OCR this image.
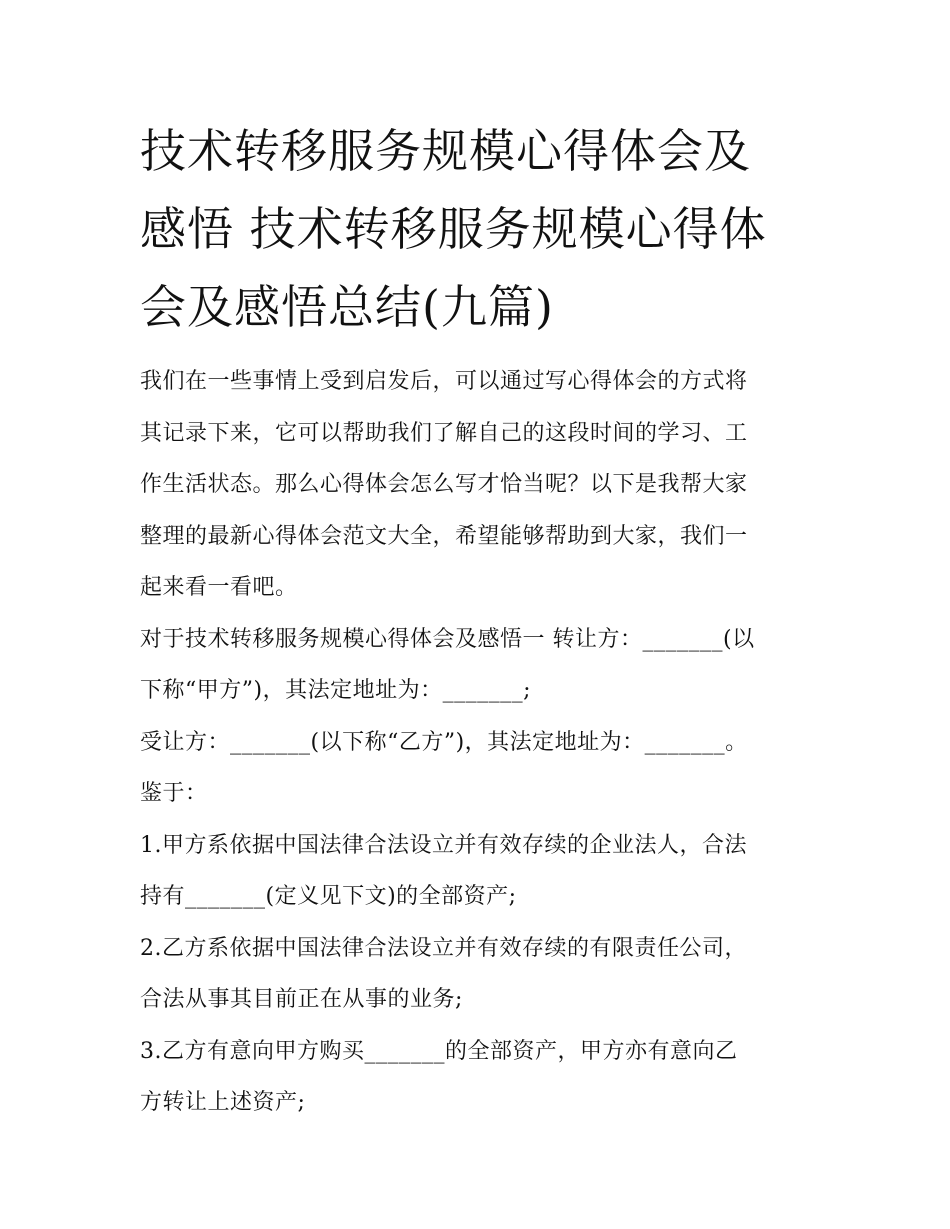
技术转移服务规模心得体会及
感悟 技术转移服务规模心得体
会及感悟总结(九篇)
我们在一些事情上受到启发后，可以通过写心得体会的方式将
其记录下来，它可以帮助我们了解自己的这段时间的学习、工
作生活状态。那么心得体会怎么写才恰当呢？以下是我帮大家
整理的最新心得体会范文大全，希望能够帮助到大家，我们一
起来看一看吧。
对于技术转移服务规模心得体会及感悟一 转让方：_______(以
下称“甲方”)，其法定地址为：_______;
受让方：_______(以下称“乙方”)，其法定地址为：_______。
鉴于：
1.甲方系依据中国法律合法设立并有效存续的企业法人，合法
持有_______(定义见下文)的全部资产;
2.乙方系依据中国法律合法设立并有效存续的有限责任公司，
合法从事其目前正在从事的业务;
3.乙方有意向甲方购买_______的全部资产，甲方亦有意向乙
方转让上述资产;
